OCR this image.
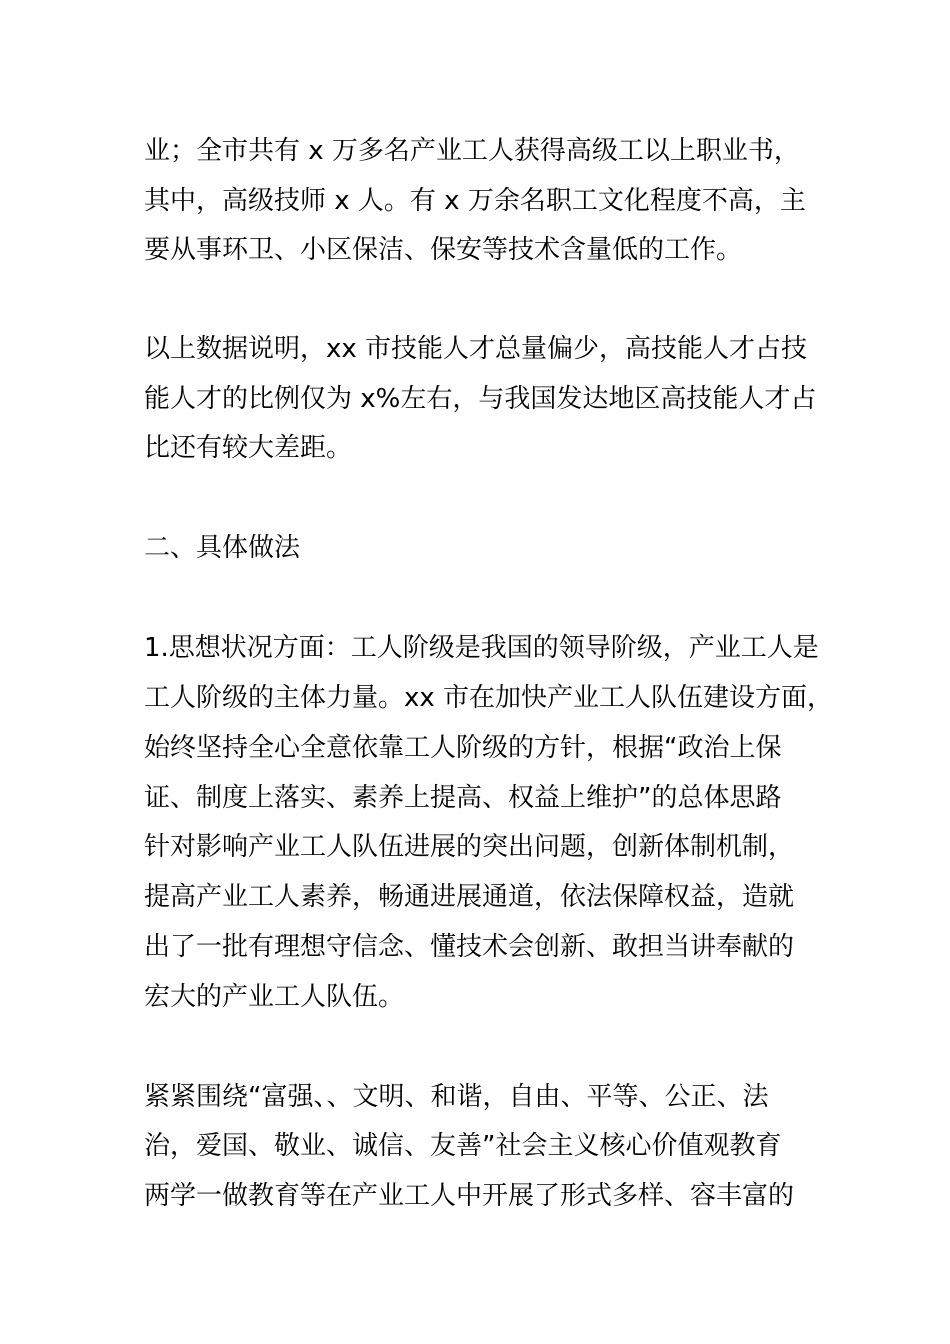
业；全市共有 x 万多名产业工人获得高级工以上职业书，
其中，高级技师 x 人。有 x 万余名职工文化程度不高，主
要从事环卫、小区保洁、保安等技术含量低的工作。
以上数据说明，xx 市技能人才总量偏少，高技能人才占技
能人才的比例仅为 x%左右，与我国发达地区高技能人才占
比还有较大差距。
二、具体做法
1.思想状况方面：工人阶级是我国的领导阶级，产业工人是
工人阶级的主体力量。xx 市在加快产业工人队伍建设方面，
始终坚持全心全意依靠工人阶级的方针，根据“政治上保
证、制度上落实、素养上提高、权益上维护”的总体思路
针对影响产业工人队伍进展的突出问题，创新体制机制，
提高产业工人素养，畅通进展通道，依法保障权益，造就
出了一批有理想守信念、懂技术会创新、敢担当讲奉献的
宏大的产业工人队伍。
紧紧围绕“富强、、文明、和谐，自由、平等、公正、法
治，爱国、敬业、诚信、友善”社会主义核心价值观教育
两学一做教育等在产业工人中开展了形式多样、容丰富的
